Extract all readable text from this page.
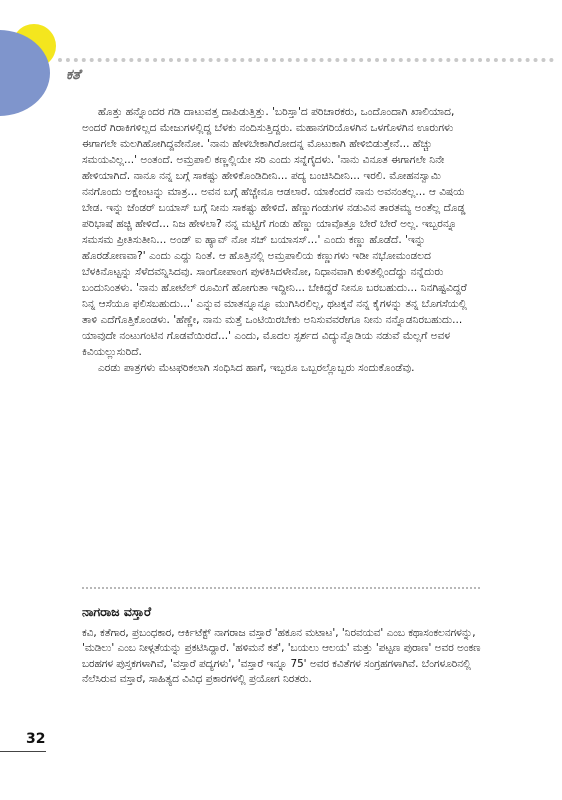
ಕತೆ

ಹೊತ್ತು ಹನ್ನೊಂದರ ಗಡಿ ದಾಟುವತ್ತ ದಾಪಿಡುತ್ತಿತ್ತು. 'ಬರಿಸ್ತಾ'ದ ಪರಿಚಾರಕರು, ಒಂದೊಂದಾಗಿ ಖಾಲಿಯಾದ, ಅಂದರೆ ಗಿರಾಕಿಗಳಿಲ್ಲದ ಮೇಜುಗಳಲ್ಲಿದ್ದ ಬೆಳಕು ನಂದಿಸುತ್ತಿದ್ದರು. ಮಹಾನಗರಿಯೊಳಗಿನ ಒಳಗೊಳಗಿನ ಊರುಗಳು ಈಗಾಗಲೇ ಮಲಗಿಹೋಗಿದ್ದವೇನೋ. 'ನಾನು ಹೇಳಬೇಕಾಗಿರೋದನ್ನ ಮೊಟುಕಾಗಿ ಹೇಳಿಬಿಡುತ್ತೇನೆ... ಹೆಚ್ಚು ಸಮಯವಿಲ್ಲ...' ಅಂತಂದೆ. ಅಮ್ರಪಾಲಿ ಕಣ್ಣಲ್ಲಿಯೇ ಸರಿ ಎಂದು ಸನ್ನೆಗೈದಳು. 'ನಾನು ವಿನೂತ ಈಗಾಗಲೇ ನಿನೇ ಹೇಳಿಯಾಗಿದೆ. ನಾನೂ ನನ್ನ ಬಗ್ಗೆ ಸಾಕಷ್ಟು ಹೇಳಿಕೊಂಡಿದೀನಿ... ಪದ್ಯ ಬಂಚಿಸಿದೀನಿ... ಇರಲಿ. ಮೋಹನಸ್ವಾಮಿ ನನಗೊಂದು ಅಕ್ಷೇಂಟನ್ನು ಮಾತ್ರ... ಅವನ ಬಗ್ಗೆ ಹೆಚ್ಚೇನೂ ಆಡಲಾರೆ. ಯಾಕೆಂದರೆ ನಾನು ಅವನಂತಲ್ಲ... ಆ ವಿಷಯ ಬೇಡ. ಇನ್ನು ಜೆಂಡರ್ ಬಯಾಸ್ ಬಗ್ಗೆ ನೀನು ಸಾಕಷ್ಟು ಹೇಳಿದೆ. ಹೆಣ್ಣುಗಂಡುಗಳ ನಡುವಿನ ತಾರತಮ್ಯ ಅಂತೆಲ್ಲ ದೊಡ್ಡ ಪರಿಭಾಷೆ ಹಚ್ಚಿ ಹೇಳಿದೆ... ನಿಜ ಹೇಳಲಾ? ನನ್ನ ಮಟ್ಟಿಗೆ ಗಂಡು ಹೆಣ್ಣು ಯಾವೊತ್ತೂ ಬೇರೆ ಬೇರೆ ಅಲ್ಲ. ಇಬ್ಬರನ್ನೂ ಸಮಸಮ ಪ್ರೀತಿಸುತೀನಿ... ಅಂಡ್ ಐ ಹ್ಯಾವ್ ನೋ ಸಚ್ ಬಯಾಸಸ್...' ಎಂದು ಕಣ್ಣು ಹೊಡೆದೆ. 'ಇನ್ನು ಹೊರಡೋಣವಾ?' ಎಂದು ಎದ್ದು ನಿಂತೆ. ಆ ಹೊತ್ತಿನಲ್ಲಿ ಅಮ್ರಪಾಲಿಯ ಕಣ್ಣುಗಳು ಇಡೀ ನಭೋಮಂಡಲದ ಬೆಳಕಿನೊಟ್ಟನ್ನು ಸೆಳೆದವನ್ನಿಸಿದವು. ಸಾಂಗೋಪಾಂಗ ಪುಳಕಿಸಿದಳೇನೋ, ನಿಧಾನವಾಗಿ ಕುಳಿತಲ್ಲಿಂದೆದ್ದು ನನ್ನೆದುರು ಬಂದುನಿಂತಳು. 'ನಾನು ಹೋಟೆಲ್ ರೂಮಿಗೆ ಹೋಗುತಾ ಇದ್ದೀನಿ... ಬೇಕಿದ್ದರೆ ನೀನೂ ಬರಬಹುದು... ನಿನಗಿಷ್ಟವಿದ್ದರೆ ನಿನ್ನ ಆಸೆಯೂ ಫಲಿಸಬಹುದು...' ಎನ್ನುವ ಮಾತನ್ನೂನ್ನೂ ಮುಗಿಸಿರಲಿಲ್ಲ, ಥಟಕ್ಕನೆ ನನ್ನ ಕೈಗಳನ್ನು ತನ್ನ ಬೊಗಸೆಯಲ್ಲಿ ತಾಳಿ ಎದೆಗೊತ್ತಿಕೊಂಡಳು. 'ಹೆಣ್ಣೇ, ನಾನು ಮತ್ತೆ ಒಂಟಿಯಿರಬೇಕು ಅನಿಸುವವರೇಗೂ ನೀನು ನನ್ನೊಡನಿರಬಹುದು... ಯಾವುದೇ ನಂಟುಗಂಟಿನ ಗೊಡವೆಯಿರದೆ...' ಎಂದು, ಮೊದಲ ಸ್ಪರ್ಶದ ವಿದ್ಯುನ್ನೊಡಿಯ ನಡುವೆ ಮೆಲ್ಲಗೆ ಅವಳ ಕಿವಿಯಲ್ಲುಸುರಿದೆ.

ಎರಡು ಪಾತ್ರಗಳು ಮೆಟಫರಿಕಲಾಗಿ ಸಂಧಿಸಿದ ಹಾಗೆ, ಇಬ್ಬರೂ ಒಬ್ಬರಲ್ಲೊಬ್ಬರು ಸಂದುಕೊಂಡೆವು.

ನಾಗರಾಜ ವಸ್ತಾರೆ

ಕವಿ, ಕತೆಗಾರ, ಪ್ರಬಂಧಕಾರ, ಆರ್ಕಿಟೆಕ್ಟ್ ನಾಗರಾಜ ವಸ್ತಾರೆ 'ಹಕೂನ ಮಟಾಟ', 'ನಿರವಯವ' ಎಂಬ ಕಥಾಸಂಕಲನಗಳನ್ನು, 'ಮಡಿಲು' ಎಂಬ ನೀಳ್ಗತೆಯನ್ನು ಪ್ರಕಟಿಸಿದ್ದಾರೆ. 'ಹಳಿಮನೆ ಕತೆ', 'ಬಯಲು ಆಲಯ' ಮತ್ತು 'ಪಟ್ಟಣ ಪುರಾಣ' ಅವರ ಅಂಕಣ ಬರಹಗಳ ಪುಸ್ತಕಗಳಾಗಿವೆ, 'ವಸ್ತಾರೆ ಪದ್ಯಗಳು', 'ವಸ್ತಾರೆ ಇನ್ನೂ 75' ಅವರ ಕವಿತೆಗಳ ಸಂಗ್ರಹಗಳಾಗಿವೆ. ಬೆಂಗಳೂರಿನಲ್ಲಿ ನೆಲೆಸಿರುವ ವಸ್ತಾರೆ, ಸಾಹಿತ್ಯದ ವಿವಿಧ ಪ್ರಕಾರಗಳಲ್ಲಿ ಪ್ರಯೋಗ ನಿರತರು.

32
